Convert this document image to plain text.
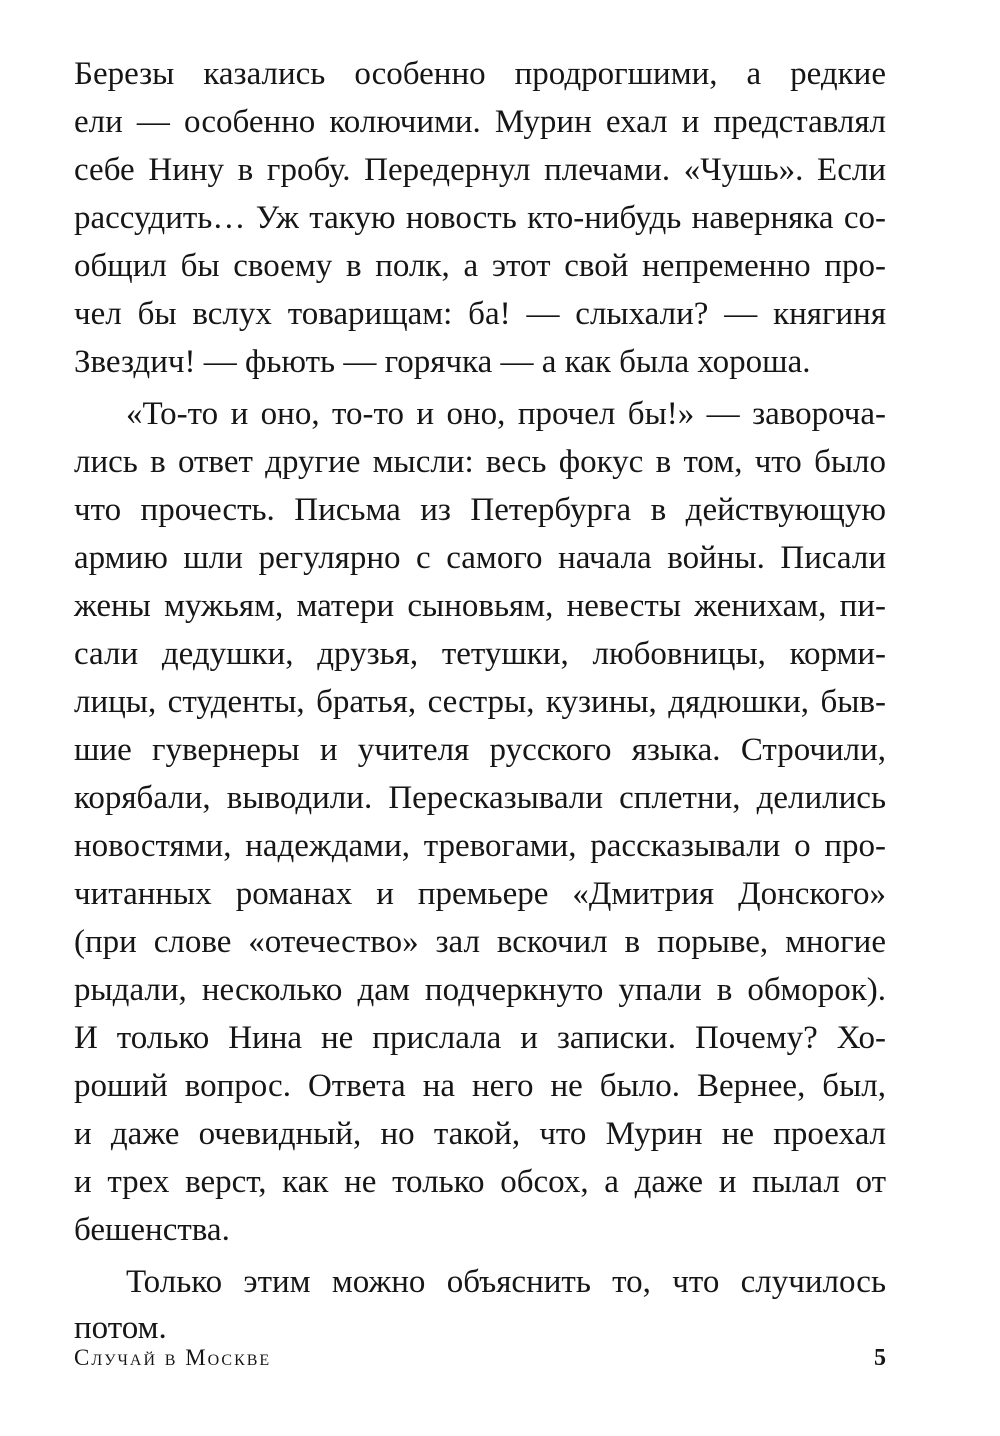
Березы казались особенно продрогшими, а редкие
ели — особенно колючими. Мурин ехал и представлял
себе Нину в гробу. Передернул плечами. «Чушь». Если
рассудить… Уж такую новость кто-нибудь наверняка со-
общил бы своему в полк, а этот свой непременно про-
чел бы вслух товарищам: ба! — слыхали? — княгиня
Звездич! — фьють — горячка — а как была хороша.
«То-то и оно, то-то и оно, прочел бы!» — заворочa-
лись в ответ другие мысли: весь фокус в том, что было
что прочесть. Письма из Петербурга в действующую
армию шли регулярно с самого начала войны. Писали
жены мужьям, матери сыновьям, невесты женихам, пи-
сали дедушки, друзья, тетушки, любовницы, корми-
лицы, студенты, братья, сестры, кузины, дядюшки, быв-
шие гувернеры и учителя русского языка. Строчили,
корябали, выводили. Пересказывали сплетни, делились
новостями, надеждами, тревогами, рассказывали о про-
читанных романах и премьере «Дмитрия Донского»
(при слове «отечество» зал вскочил в порыве, многие
рыдали, несколько дам подчеркнуто упали в обморок).
И только Нина не прислала и записки. Почему? Хо-
роший вопрос. Ответа на него не было. Вернее, был,
и даже очевидный, но такой, что Мурин не проехал
и трех верст, как не только обсох, а даже и пылал от
бешенства.
Только этим можно объяснить то, что случилось
потом.
Случай в Москве	5
